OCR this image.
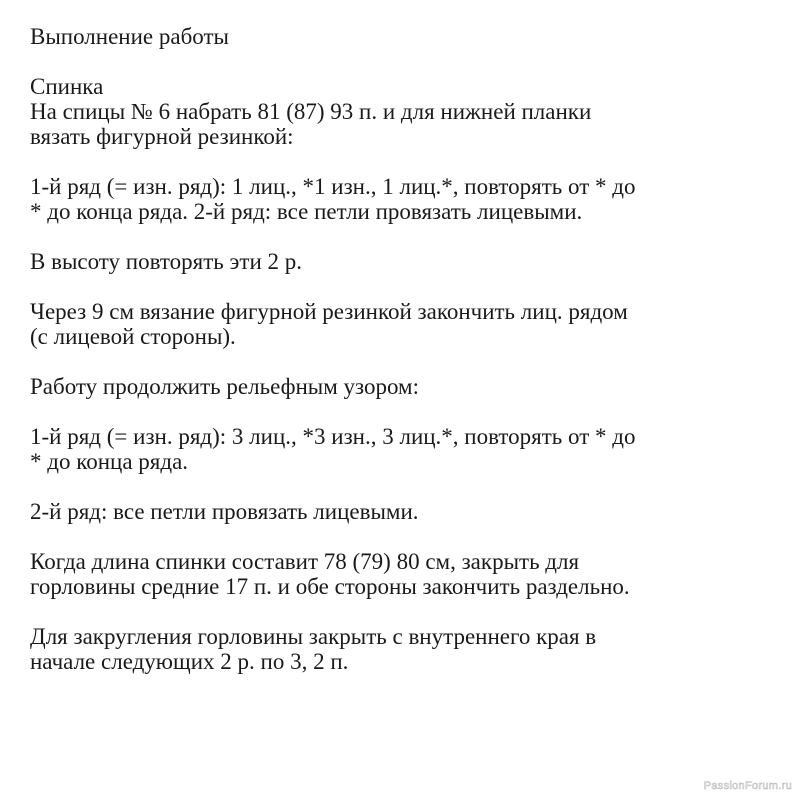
Выполнение работы
Спинка
На спицы № 6 набрать 81 (87) 93 п. и для нижней планки
вязать фигурной резинкой:
1-й ряд (= изн. ряд): 1 лиц., *1 изн., 1 лиц.*, повторять от * до
* до конца ряда. 2-й ряд: все петли провязать лицевыми.
В высоту повторять эти 2 р.
Через 9 см вязание фигурной резинкой закончить лиц. рядом
(с лицевой стороны).
Работу продолжить рельефным узором:
1-й ряд (= изн. ряд): 3 лиц., *3 изн., 3 лиц.*, повторять от * до
* до конца ряда.
2-й ряд: все петли провязать лицевыми.
Когда длина спинки составит 78 (79) 80 см, закрыть для
горловины средние 17 п. и обе стороны закончить раздельно.
Для закругления горловины закрыть с внутреннего края в
начале следующих 2 р. по 3, 2 п.
PassionForum.ru
